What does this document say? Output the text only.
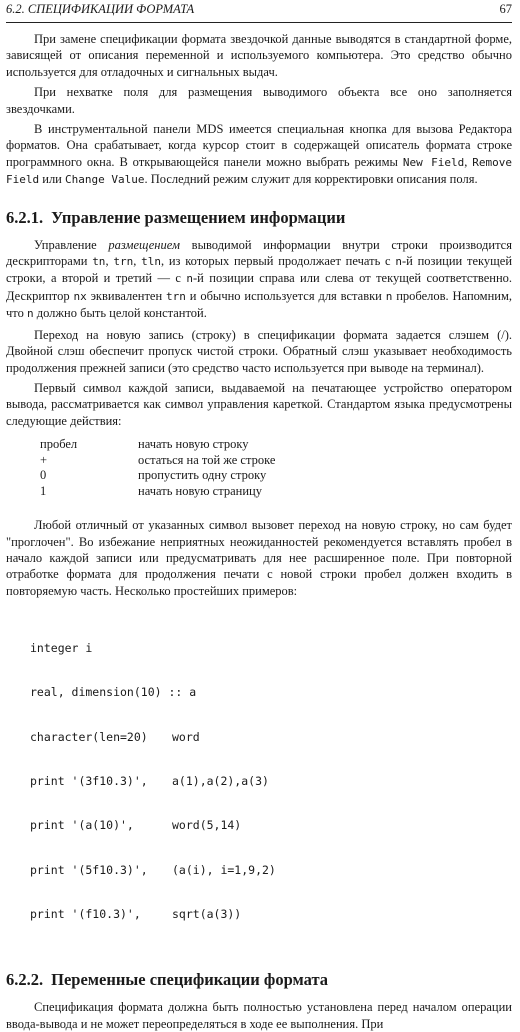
6.2. СПЕЦИФИКАЦИИ ФОРМАТА	67

При замене спецификации формата звездочкой данные выводятся в стандартной форме, зависящей от описания переменной и используемого компьютера. Это средство обычно используется для отладочных и сигнальных выдач.

При нехватке поля для размещения выводимого объекта все оно заполняется звездочками.

В инструментальной панели MDS имеется специальная кнопка для вызова Редактора форматов. Она срабатывает, когда курсор стоит в содержащей описатель формата строке программного окна. В открывающейся панели можно выбрать режимы New Field, Remove Field или Change Value. Последний режим служит для корректировки описания поля.

6.2.1. Управление размещением информации

Управление размещением выводимой информации внутри строки производится дескрипторами tn, trn, tln, из которых первый продолжает печать с n-й позиции текущей строки, а второй и третий — с n-й позиции справа или слева от текущей соответственно. Дескриптор nx эквивалентен trn и обычно используется для вставки n пробелов. Напомним, что n должно быть целой константой.

Переход на новую запись (строку) в спецификации формата задается слэшем (/). Двойной слэш обеспечит пропуск чистой строки. Обратный слэш указывает необходимость продолжения прежней записи (это средство часто используется при выводе на терминал).

Первый символ каждой записи, выдаваемой на печатающее устройство оператором вывода, рассматривается как символ управления кареткой. Стандартом языка предусмотрены следующие действия:

пробел	начать новую строку
+	остаться на той же строке
0	пропустить одну строку
1	начать новую страницу

Любой отличный от указанных символ вызовет переход на новую строку, но сам будет "проглочен". Во избежание неприятных неожиданностей рекомендуется вставлять пробел в начало каждой записи или предусматривать для нее расширенное поле. При повторной отработке формата для продолжения печати с новой строки пробел должен входить в повторяемую часть. Несколько простейших примеров:

integer i

real, dimension(10) :: a

character(len=20)	word

print '(3f10.3)',	a(1),a(2),a(3)

print '(a(10)',	word(5,14)

print '(5f10.3)',	(a(i), i=1,9,2)

print '(f10.3)',	sqrt(a(3))

6.2.2. Переменные спецификации формата

Спецификация формата должна быть полностью установлена перед началом операции ввода-вывода и не может переопределяться в ходе ее выполнения. При
